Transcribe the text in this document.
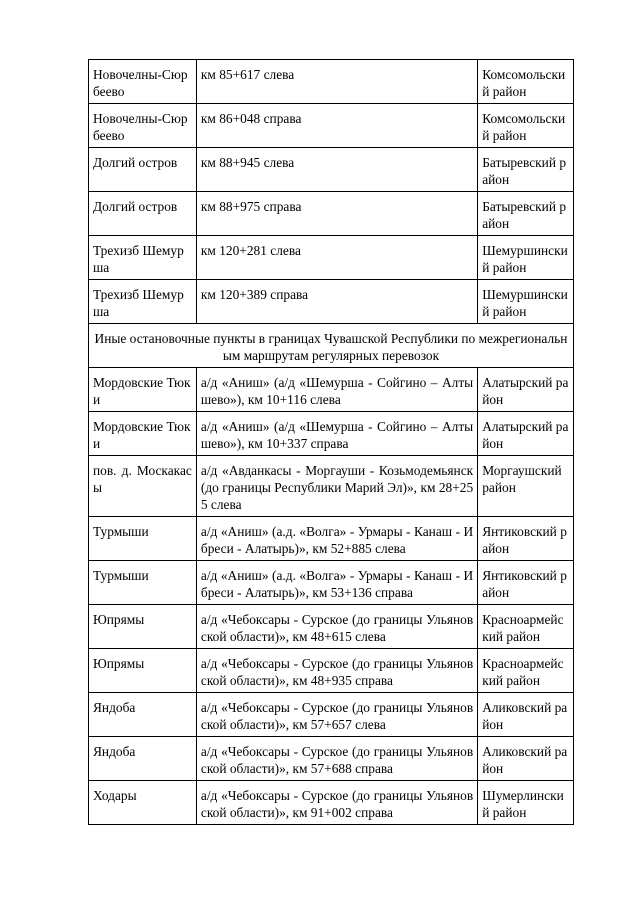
Новочелны-Сюрбеево	км 85+617 слева	Комсомольский район
Новочелны-Сюрбеево	км 86+048 справа	Комсомольский район
Долгий остров	км 88+945 слева	Батыревский район
Долгий остров	км 88+975 справа	Батыревский район
Трехизб Шемурша	км 120+281 слева	Шемуршинский район
Трехизб Шемурша	км 120+389 справа	Шемуршинский район
Иные остановочные пункты в границах Чувашской Республики по межрегиональным маршрутам регулярных перевозок		
Мордовские Тюки	а/д «Аниш» (а/д «Шемурша - Сойгино – Алтышево»), км 10+116 слева	Алатырский район
Мордовские Тюки	а/д «Аниш» (а/д «Шемурша - Сойгино – Алтышево»), км 10+337 справа	Алатырский район
пов. д. Москакасы	а/д «Авданкасы - Моргауши - Козьмодемьянск (до границы Республики Марий Эл)», км 28+255 слева	Моргаушский район
Турмыши	а/д «Аниш» (а.д. «Волга» - Урмары - Канаш - Ибреси - Алатырь)», км 52+885 слева	Янтиковский район
Турмыши	а/д «Аниш» (а.д. «Волга» - Урмары - Канаш - Ибреси - Алатырь)», км 53+136 справа	Янтиковский район
Юпрямы	а/д «Чебоксары - Сурское (до границы Ульяновской области)», км 48+615 слева	Красноармейский район
Юпрямы	а/д «Чебоксары - Сурское (до границы Ульяновской области)», км 48+935 справа	Красноармейский район
Яндоба	а/д «Чебоксары - Сурское (до границы Ульяновской области)», км 57+657 слева	Аликовский район
Яндоба	а/д «Чебоксары - Сурское (до границы Ульяновской области)», км 57+688 справа	Аликовский район
Ходары	а/д «Чебоксары - Сурское (до границы Ульяновской области)», км 91+002 справа	Шумерлинский район
